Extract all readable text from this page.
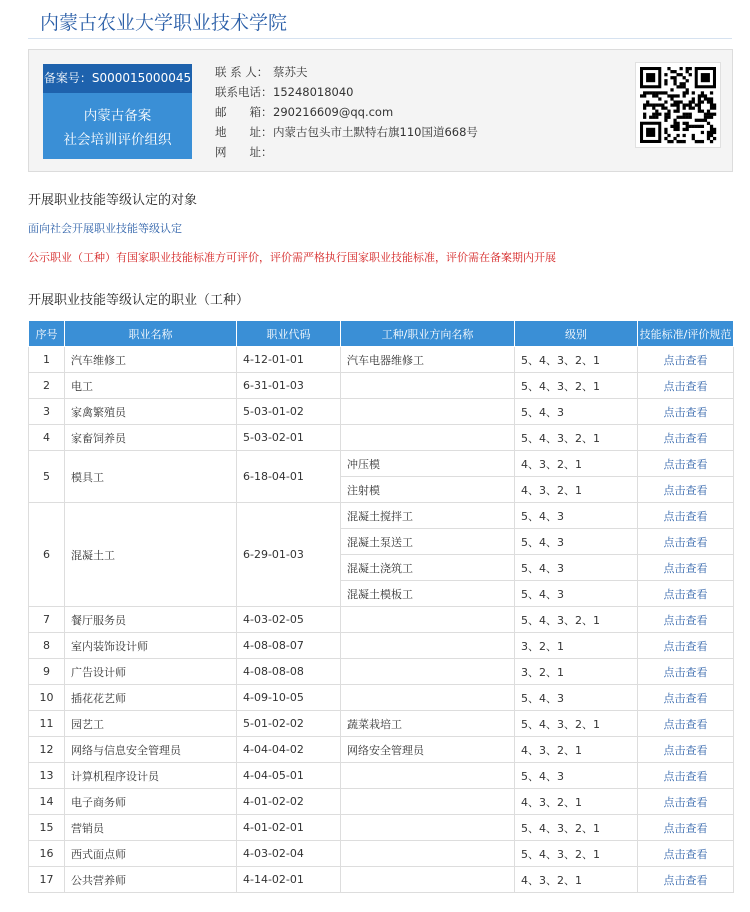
内蒙古农业大学职业技术学院
备案号：S000015000045
内蒙古备案
社会培训评价组织
联 系 人： 蔡苏夫
联系电话：15248018040
邮　　箱：290216609@qq.com
地　　址：内蒙古包头市土默特右旗110国道668号
网　　址：
开展职业技能等级认定的对象
面向社会开展职业技能等级认定
公示职业（工种）有国家职业技能标准方可评价，评价需严格执行国家职业技能标准，评价需在备案期内开展
开展职业技能等级认定的职业（工种）
序号	职业名称	职业代码	工种/职业方向名称	级别	技能标准/评价规范
1	汽车维修工	4-12-01-01	汽车电器维修工	5、4、3、2、1	点击查看
2	电工	6-31-01-03		5、4、3、2、1	点击查看
3	家禽繁殖员	5-03-01-02		5、4、3	点击查看
4	家畜饲养员	5-03-02-01		5、4、3、2、1	点击查看
5	模具工	6-18-04-01	冲压模	4、3、2、1	点击查看
			注射模	4、3、2、1	点击查看
6	混凝土工	6-29-01-03	混凝土搅拌工	5、4、3	点击查看
			混凝土泵送工	5、4、3	点击查看
			混凝土浇筑工	5、4、3	点击查看
			混凝土模板工	5、4、3	点击查看
7	餐厅服务员	4-03-02-05		5、4、3、2、1	点击查看
8	室内装饰设计师	4-08-08-07		3、2、1	点击查看
9	广告设计师	4-08-08-08		3、2、1	点击查看
10	插花花艺师	4-09-10-05		5、4、3	点击查看
11	园艺工	5-01-02-02	蔬菜栽培工	5、4、3、2、1	点击查看
12	网络与信息安全管理员	4-04-04-02	网络安全管理员	4、3、2、1	点击查看
13	计算机程序设计员	4-04-05-01		5、4、3	点击查看
14	电子商务师	4-01-02-02		4、3、2、1	点击查看
15	营销员	4-01-02-01		5、4、3、2、1	点击查看
16	西式面点师	4-03-02-04		5、4、3、2、1	点击查看
17	公共营养师	4-14-02-01		4、3、2、1	点击查看
